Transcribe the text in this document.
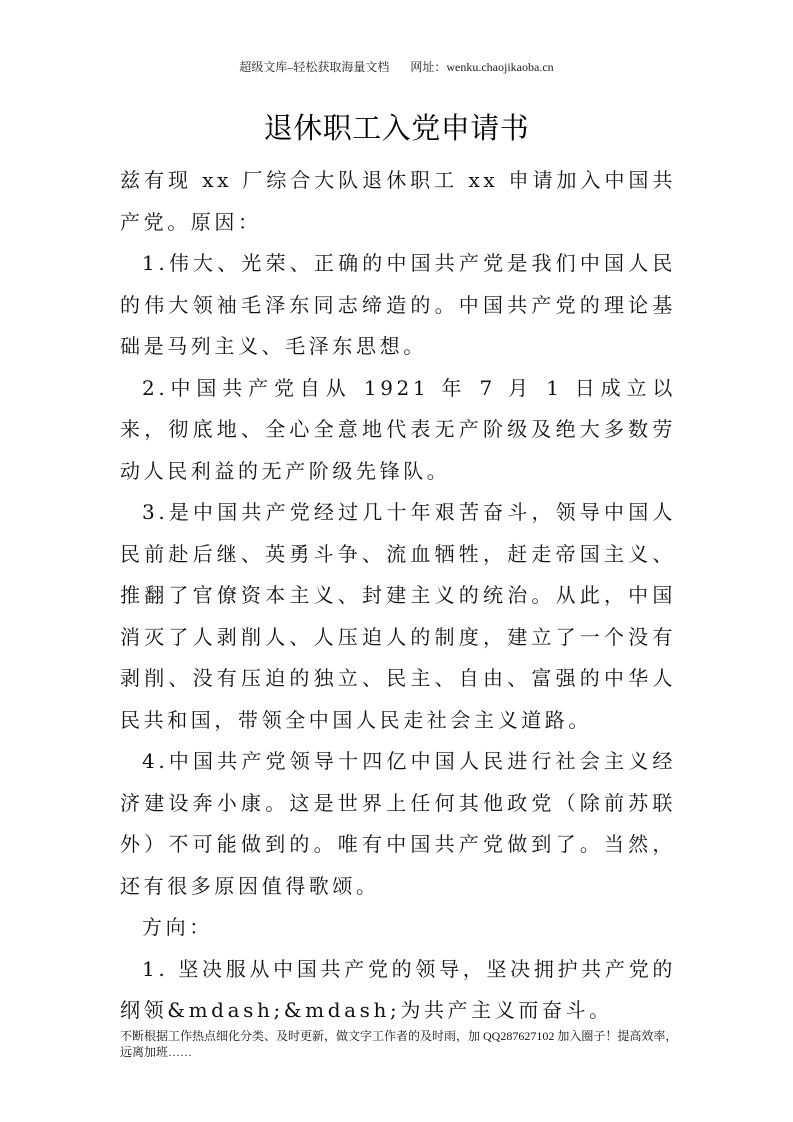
超级文库–轻松获取海量文档 网址：wenku.chaojikaoba.cn
退休职工入党申请书

兹有现 xx 厂综合大队退休职工 xx 申请加入中国共产党。原因：

1.伟大、光荣、正确的中国共产党是我们中国人民的伟大领袖毛泽东同志缔造的。中国共产党的理论基础是马列主义、毛泽东思想。

2.中国共产党自从 1921 年 7 月 1 日成立以来，彻底地、全心全意地代表无产阶级及绝大多数劳动人民利益的无产阶级先锋队。

3.是中国共产党经过几十年艰苦奋斗，领导中国人民前赴后继、英勇斗争、流血牺牲，赶走帝国主义、推翻了官僚资本主义、封建主义的统治。从此，中国消灭了人剥削人、人压迫人的制度，建立了一个没有剥削、没有压迫的独立、民主、自由、富强的中华人民共和国，带领全中国人民走社会主义道路。

4.中国共产党领导十四亿中国人民进行社会主义经济建设奔小康。这是世界上任何其他政党（除前苏联外）不可能做到的。唯有中国共产党做到了。当然，还有很多原因值得歌颂。

方向：

1. 坚决服从中国共产党的领导，坚决拥护共产党的纲领&mdash;&mdash;为共产主义而奋斗。

不断根据工作热点细化分类、及时更新，做文字工作者的及时雨，加 QQ287627102 加入圈子！提高效率，远离加班……
